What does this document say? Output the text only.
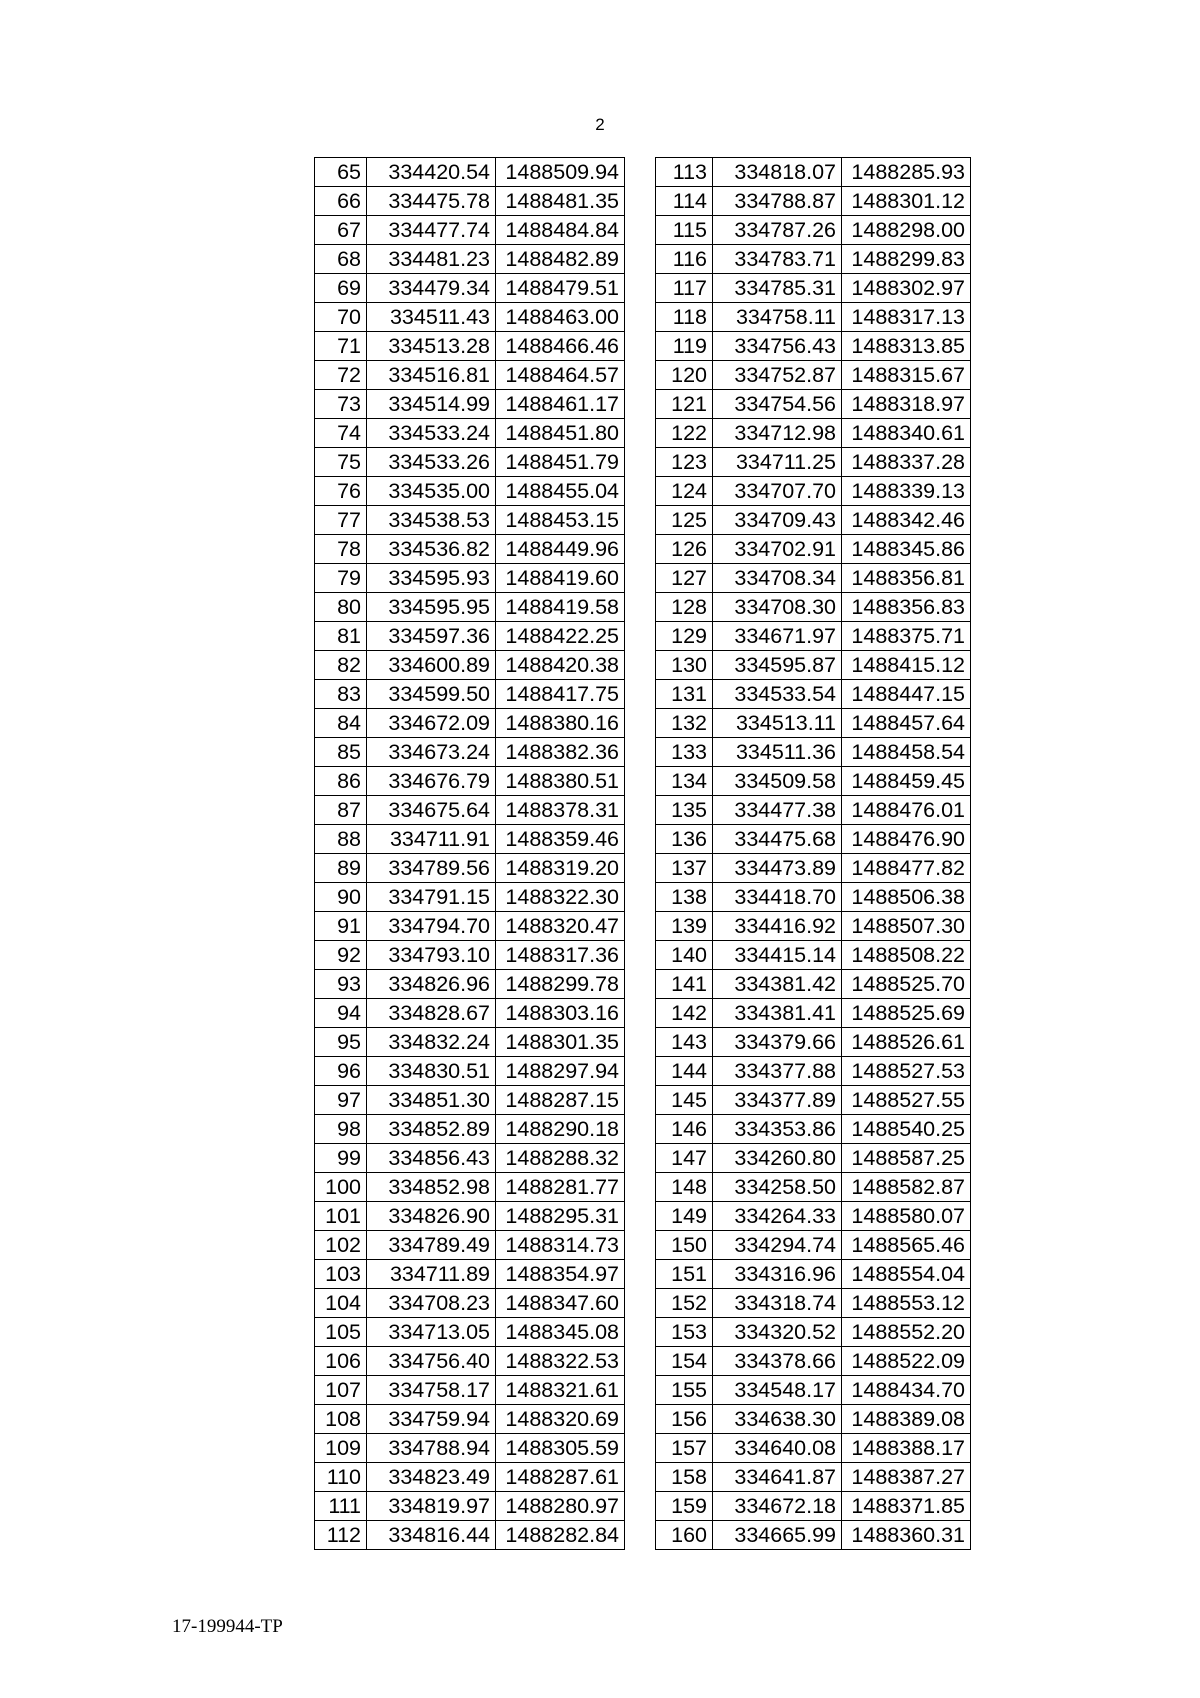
2
65	334420.54	1488509.94
66	334475.78	1488481.35
67	334477.74	1488484.84
68	334481.23	1488482.89
69	334479.34	1488479.51
70	334511.43	1488463.00
71	334513.28	1488466.46
72	334516.81	1488464.57
73	334514.99	1488461.17
74	334533.24	1488451.80
75	334533.26	1488451.79
76	334535.00	1488455.04
77	334538.53	1488453.15
78	334536.82	1488449.96
79	334595.93	1488419.60
80	334595.95	1488419.58
81	334597.36	1488422.25
82	334600.89	1488420.38
83	334599.50	1488417.75
84	334672.09	1488380.16
85	334673.24	1488382.36
86	334676.79	1488380.51
87	334675.64	1488378.31
88	334711.91	1488359.46
89	334789.56	1488319.20
90	334791.15	1488322.30
91	334794.70	1488320.47
92	334793.10	1488317.36
93	334826.96	1488299.78
94	334828.67	1488303.16
95	334832.24	1488301.35
96	334830.51	1488297.94
97	334851.30	1488287.15
98	334852.89	1488290.18
99	334856.43	1488288.32
100	334852.98	1488281.77
101	334826.90	1488295.31
102	334789.49	1488314.73
103	334711.89	1488354.97
104	334708.23	1488347.60
105	334713.05	1488345.08
106	334756.40	1488322.53
107	334758.17	1488321.61
108	334759.94	1488320.69
109	334788.94	1488305.59
110	334823.49	1488287.61
111	334819.97	1488280.97
112	334816.44	1488282.84
113	334818.07	1488285.93
114	334788.87	1488301.12
115	334787.26	1488298.00
116	334783.71	1488299.83
117	334785.31	1488302.97
118	334758.11	1488317.13
119	334756.43	1488313.85
120	334752.87	1488315.67
121	334754.56	1488318.97
122	334712.98	1488340.61
123	334711.25	1488337.28
124	334707.70	1488339.13
125	334709.43	1488342.46
126	334702.91	1488345.86
127	334708.34	1488356.81
128	334708.30	1488356.83
129	334671.97	1488375.71
130	334595.87	1488415.12
131	334533.54	1488447.15
132	334513.11	1488457.64
133	334511.36	1488458.54
134	334509.58	1488459.45
135	334477.38	1488476.01
136	334475.68	1488476.90
137	334473.89	1488477.82
138	334418.70	1488506.38
139	334416.92	1488507.30
140	334415.14	1488508.22
141	334381.42	1488525.70
142	334381.41	1488525.69
143	334379.66	1488526.61
144	334377.88	1488527.53
145	334377.89	1488527.55
146	334353.86	1488540.25
147	334260.80	1488587.25
148	334258.50	1488582.87
149	334264.33	1488580.07
150	334294.74	1488565.46
151	334316.96	1488554.04
152	334318.74	1488553.12
153	334320.52	1488552.20
154	334378.66	1488522.09
155	334548.17	1488434.70
156	334638.30	1488389.08
157	334640.08	1488388.17
158	334641.87	1488387.27
159	334672.18	1488371.85
160	334665.99	1488360.31
17-199944-TP
